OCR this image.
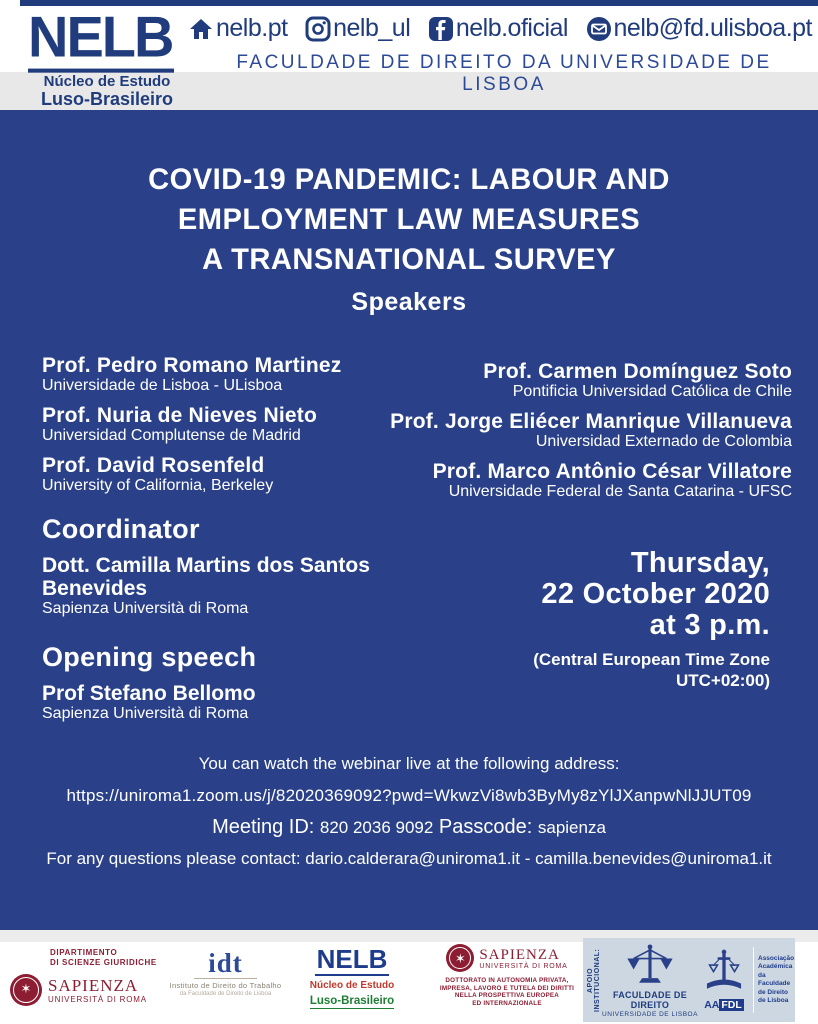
NELB
Núcleo de Estudo
Luso-Brasileiro
nelb.pt nelb_ul nelb.oficial nelb@fd.ulisboa.pt
FACULDADE DE DIREITO DA UNIVERSIDADE DE LISBOA
COVID-19 PANDEMIC: LABOUR AND
EMPLOYMENT LAW MEASURES
A TRANSNATIONAL SURVEY
Speakers
Prof. Pedro Romano Martinez
Universidade de Lisboa - ULisboa
Prof. Nuria de Nieves Nieto
Universidad Complutense de Madrid
Prof. David Rosenfeld
University of California, Berkeley
Prof. Carmen Domínguez Soto
Pontificia Universidad Católica de Chile
Prof. Jorge Eliécer Manrique Villanueva
Universidad Externado de Colombia
Prof. Marco Antônio César Villatore
Universidade Federal de Santa Catarina - UFSC
Coordinator
Dott. Camilla Martins dos Santos Benevides
Sapienza Università di Roma
Opening speech
Prof Stefano Bellomo
Sapienza Università di Roma
Thursday,
22 October 2020
at 3 p.m.
(Central European Time Zone
UTC+02:00)
You can watch the webinar live at the following address:
https://uniroma1.zoom.us/j/82020369092?pwd=WkwzVi8wb3ByMy8zYlJXanpwNlJJUT09
Meeting ID: 820 2036 9092 Passcode: sapienza
For any questions please contact: dario.calderara@uniroma1.it - camilla.benevides@uniroma1.it
DIPARTIMENTO
DI SCIENZE GIURIDICHE
✶
SAPIENZA
UNIVERSITÀ DI ROMA
idt
Instituto de Direito do Trabalho
da Faculdade de Direito de Lisboa
NELB
Núcleo de Estudo
Luso-Brasileiro
✶
SAPIENZA
UNIVERSITÀ DI ROMA
DOTTORATO IN AUTONOMIA PRIVATA,
IMPRESA, LAVORO E TUTELA DEI DIRITTI
NELLA PROSPETTIVA EUROPEA
ED INTERNAZIONALE
APOIO INSTITUCIONAL:	FACULDADE DE DIREITO
UNIVERSIDADE DE LISBOA
AA FDL
Associação
Académica
da Faculdade
de Direito
de Lisboa
